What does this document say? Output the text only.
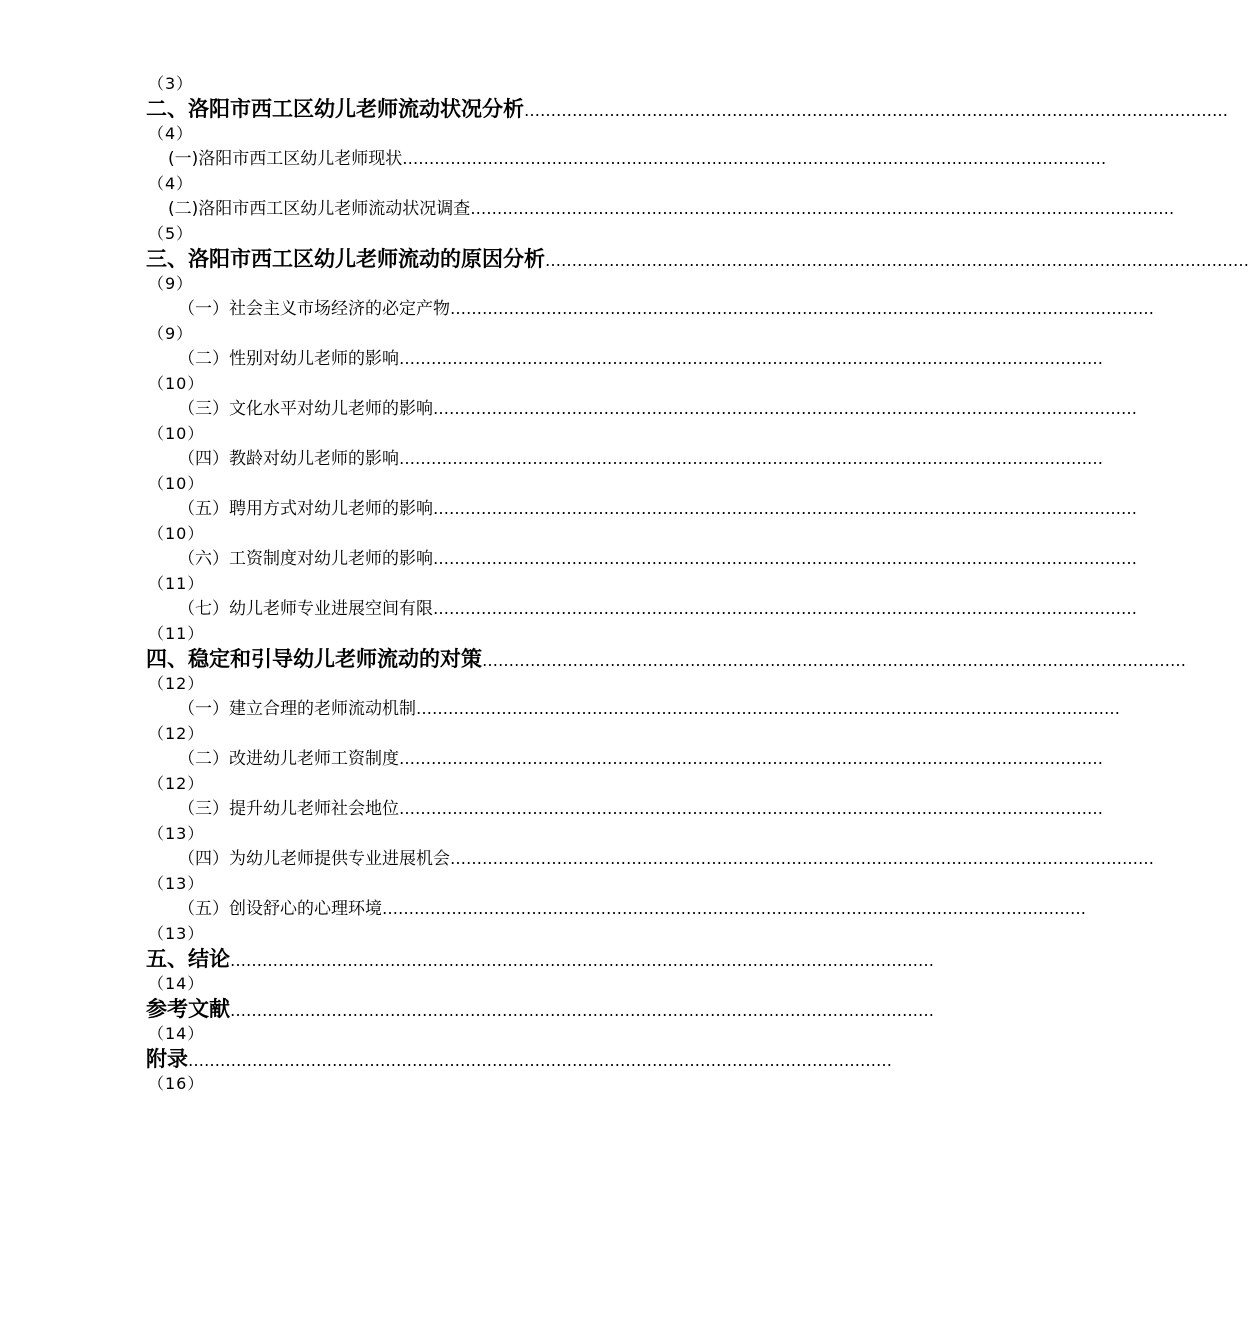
（3）
二、洛阳市西工区幼儿老师流动状况分析 ……………………………………………………………………………………………………………………
（4）
(一)洛阳市西工区幼儿老师现状 ……………………………………………………………………………………………………………………
（4）
(二)洛阳市西工区幼儿老师流动状况调查 ……………………………………………………………………………………………………………………
（5）
三、洛阳市西工区幼儿老师流动的原因分析 ……………………………………………………………………………………………………………………
（9）
（一）社会主义市场经济的必定产物 ……………………………………………………………………………………………………………………
（9）
（二）性别对幼儿老师的影响 ……………………………………………………………………………………………………………………
（10）
（三）文化水平对幼儿老师的影响 ……………………………………………………………………………………………………………………
（10）
（四）教龄对幼儿老师的影响 ……………………………………………………………………………………………………………………
（10）
（五）聘用方式对幼儿老师的影响 ……………………………………………………………………………………………………………………
（10）
（六）工资制度对幼儿老师的影响 ……………………………………………………………………………………………………………………
（11）
（七）幼儿老师专业进展空间有限 ……………………………………………………………………………………………………………………
（11）
四、稳定和引导幼儿老师流动的对策 ……………………………………………………………………………………………………………………
（12）
（一）建立合理的老师流动机制 ……………………………………………………………………………………………………………………
（12）
（二）改进幼儿老师工资制度 ……………………………………………………………………………………………………………………
（12）
（三）提升幼儿老师社会地位 ……………………………………………………………………………………………………………………
（13）
（四）为幼儿老师提供专业进展机会 ……………………………………………………………………………………………………………………
（13）
（五）创设舒心的心理环境 ……………………………………………………………………………………………………………………
（13）
五、结论 ……………………………………………………………………………………………………………………
（14）
参考文献 ……………………………………………………………………………………………………………………
（14）
附录 ……………………………………………………………………………………………………………………
（16）
